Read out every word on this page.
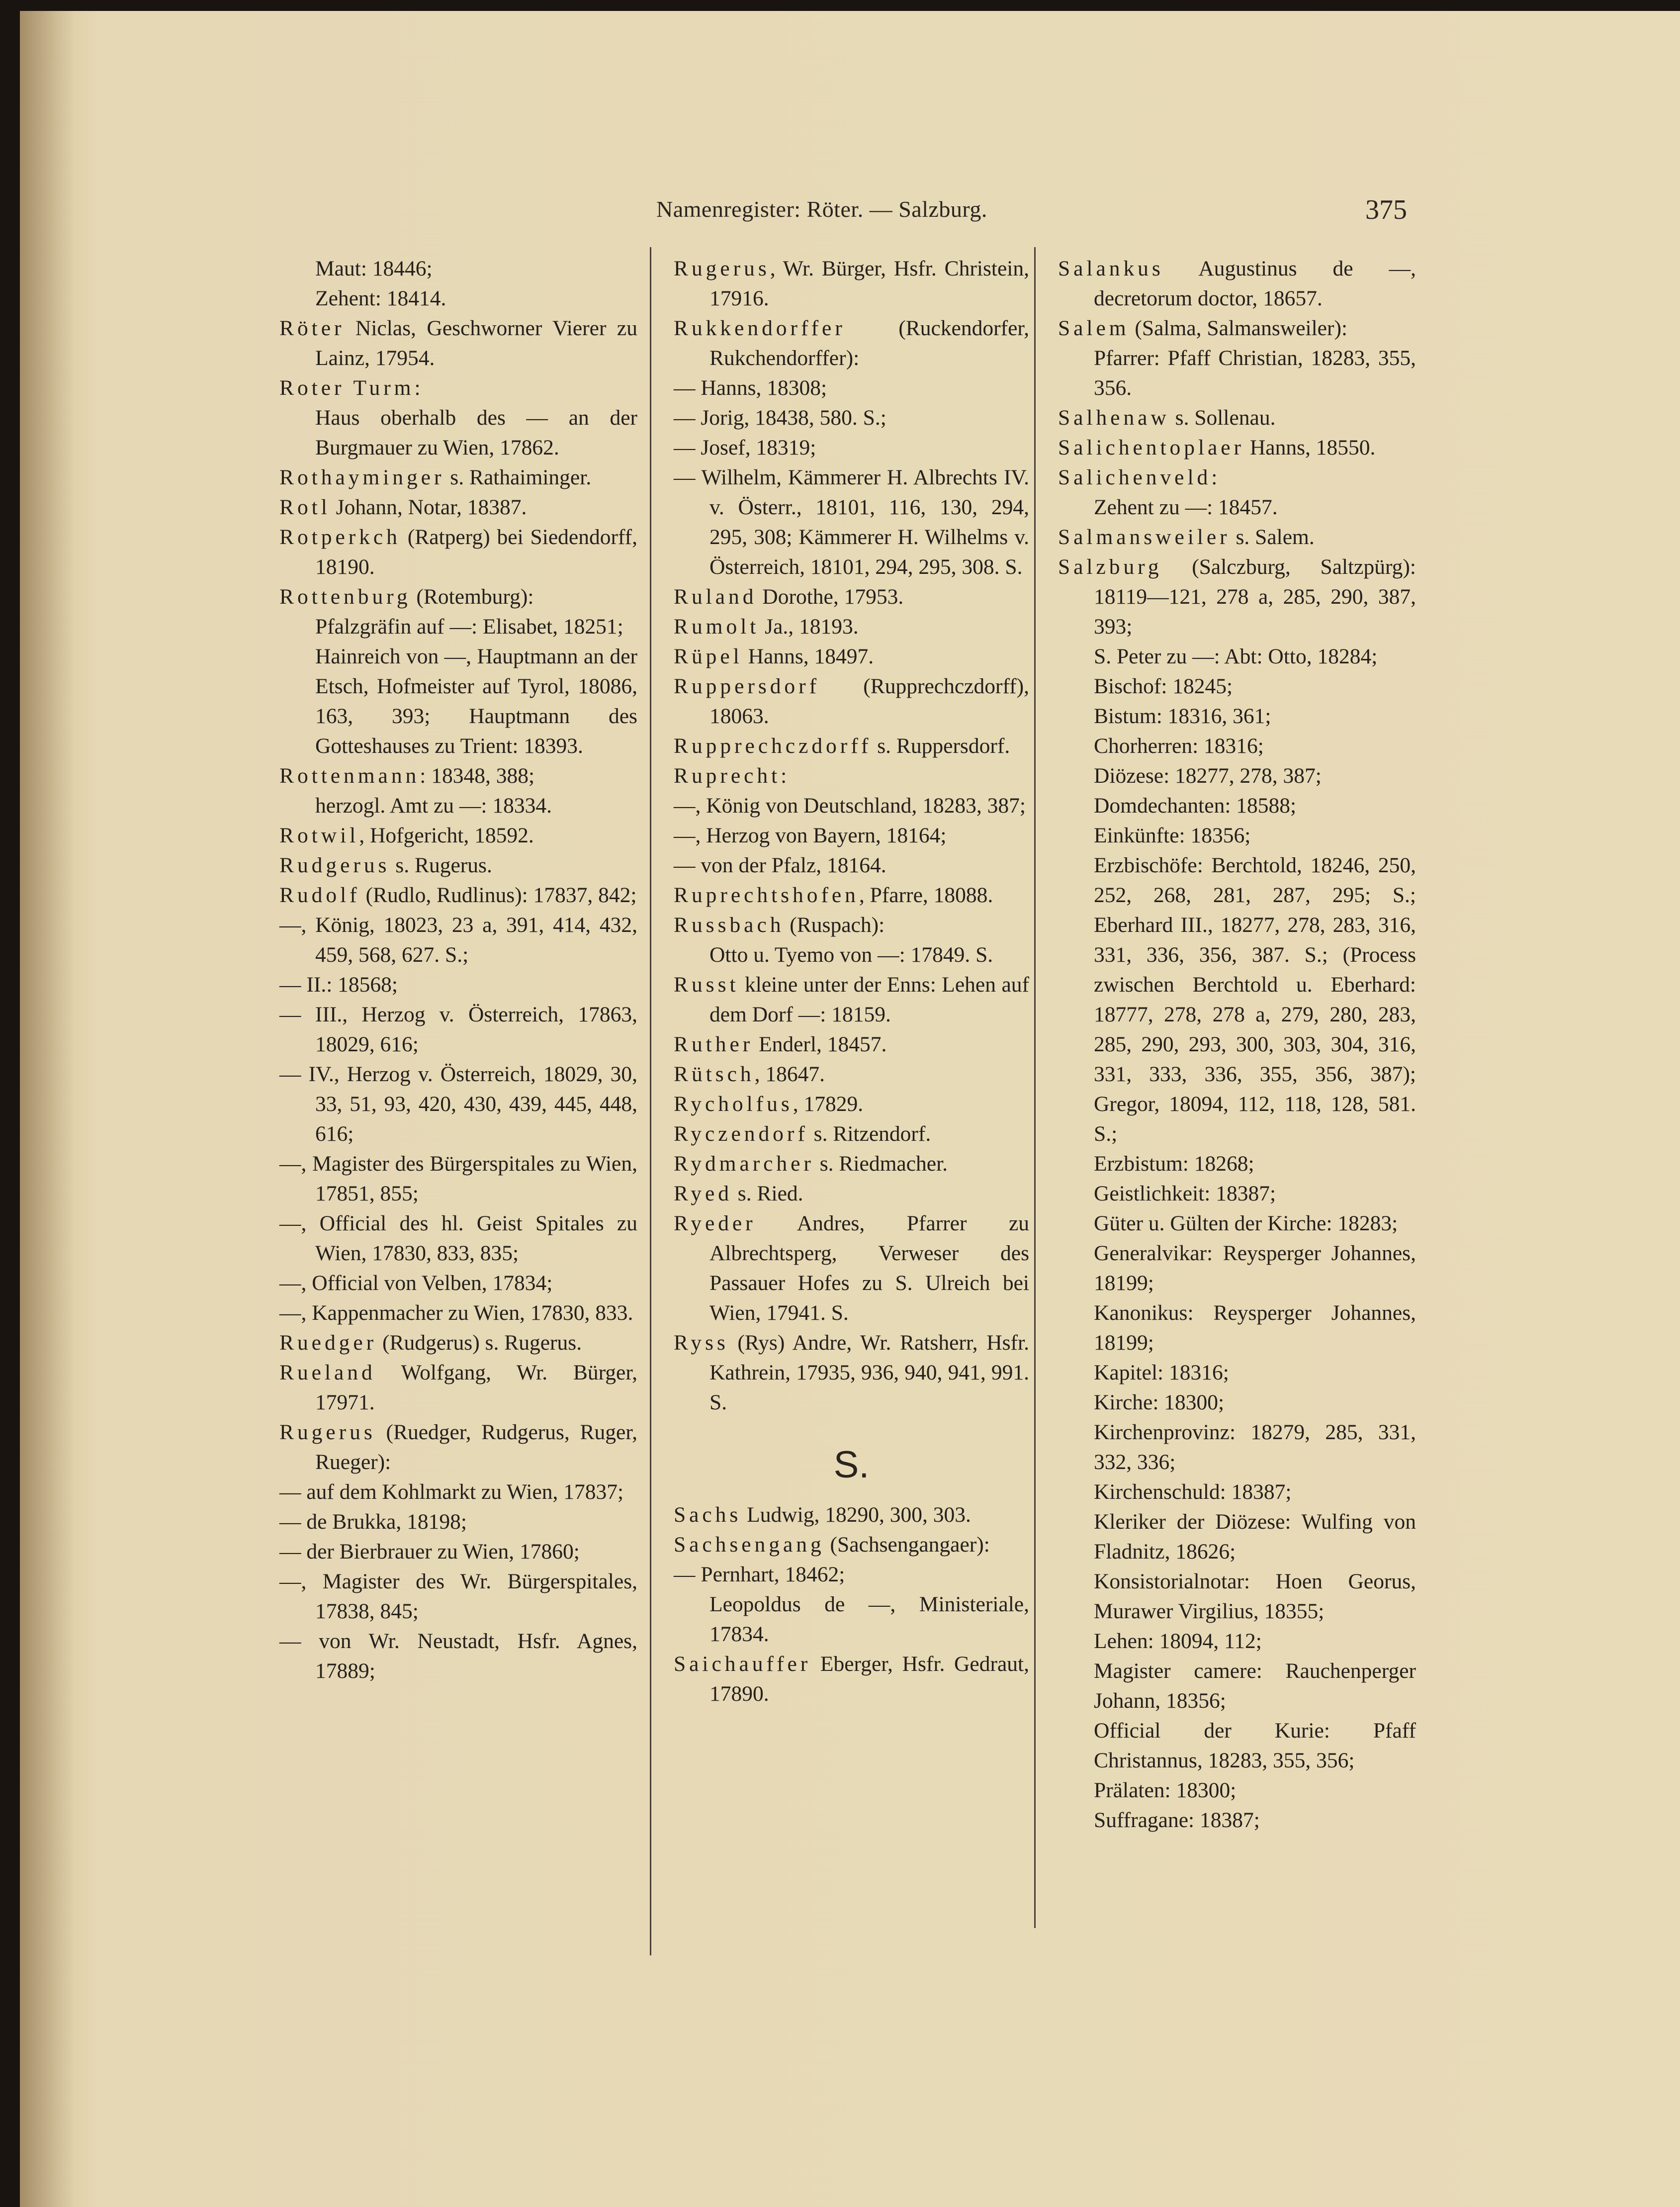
Namenregister: Röter. — Salzburg.	375
Maut: 18446;
Zehent: 18414.
Röter Niclas, Geschworner Vierer zu Lainz, 17954.
Roter Turm:
Haus oberhalb des — an der Burgmauer zu Wien, 17862.
Rothayminger s. Rathaiminger.
Rotl Johann, Notar, 18387.
Rotperkch (Ratperg) bei Siedendorff, 18190.
Rottenburg (Rotemburg):
Pfalzgräfin auf —: Elisabet, 18251;
Hainreich von —, Hauptmann an der Etsch, Hofmeister auf Tyrol, 18086, 163, 393; Hauptmann des Gotteshauses zu Trient: 18393.
Rottenmann: 18348, 388;
herzogl. Amt zu —: 18334.
Rotwil, Hofgericht, 18592.
Rudgerus s. Rugerus.
Rudolf (Rudlo, Rudlinus): 17837, 842;
—, König, 18023, 23 a, 391, 414, 432, 459, 568, 627. S.;
— II.: 18568;
— III., Herzog v. Österreich, 17863, 18029, 616;
— IV., Herzog v. Österreich, 18029, 30, 33, 51, 93, 420, 430, 439, 445, 448, 616;
—, Magister des Bürgerspitales zu Wien, 17851, 855;
—, Official des hl. Geist Spitales zu Wien, 17830, 833, 835;
—, Official von Velben, 17834;
—, Kappenmacher zu Wien, 17830, 833.
Ruedger (Rudgerus) s. Rugerus.
Rueland Wolfgang, Wr. Bürger, 17971.
Rugerus (Ruedger, Rudgerus, Ruger, Rueger):
— auf dem Kohlmarkt zu Wien, 17837;
— de Brukka, 18198;
— der Bierbrauer zu Wien, 17860;
—, Magister des Wr. Bürgerspitales, 17838, 845;
— von Wr. Neustadt, Hsfr. Agnes, 17889;
Rugerus, Wr. Bürger, Hsfr. Christein, 17916.
Rukkendorffer (Ruckendorfer, Rukchendorffer):
— Hanns, 18308;
— Jorig, 18438, 580. S.;
— Josef, 18319;
— Wilhelm, Kämmerer H. Albrechts IV. v. Österr., 18101, 116, 130, 294, 295, 308; Kämmerer H. Wilhelms v. Österreich, 18101, 294, 295, 308. S.
Ruland Dorothe, 17953.
Rumolt Ja., 18193.
Rüpel Hanns, 18497.
Ruppersdorf (Rupprechczdorff), 18063.
Rupprechczdorff s. Ruppersdorf.
Ruprecht:
—, König von Deutschland, 18283, 387;
—, Herzog von Bayern, 18164;
— von der Pfalz, 18164.
Ruprechtshofen, Pfarre, 18088.
Russbach (Ruspach):
Otto u. Tyemo von —: 17849. S.
Russt kleine unter der Enns: Lehen auf dem Dorf —: 18159.
Ruther Enderl, 18457.
Rütsch, 18647.
Rycholfus, 17829.
Ryczendorf s. Ritzendorf.
Rydmarcher s. Riedmacher.
Ryed s. Ried.
Ryeder Andres, Pfarrer zu Albrechtsperg, Verweser des Passauer Hofes zu S. Ulreich bei Wien, 17941. S.
Ryss (Rys) Andre, Wr. Ratsherr, Hsfr. Kathrein, 17935, 936, 940, 941, 991. S.
S.
Sachs Ludwig, 18290, 300, 303.
Sachsengang (Sachsengangaer):
— Pernhart, 18462;
Leopoldus de —, Ministeriale, 17834.
Saichauffer Eberger, Hsfr. Gedraut, 17890.
Salankus Augustinus de —, decretorum doctor, 18657.
Salem (Salma, Salmansweiler):
Pfarrer: Pfaff Christian, 18283, 355, 356.
Salhenaw s. Sollenau.
Salichentoplaer Hanns, 18550.
Salichenveld:
Zehent zu —: 18457.
Salmansweiler s. Salem.
Salzburg (Salczburg, Saltzpürg): 18119—121, 278 a, 285, 290, 387, 393;
S. Peter zu —: Abt: Otto, 18284;
Bischof: 18245;
Bistum: 18316, 361;
Chorherren: 18316;
Diözese: 18277, 278, 387;
Domdechanten: 18588;
Einkünfte: 18356;
Erzbischöfe: Berchtold, 18246, 250, 252, 268, 281, 287, 295; S.; Eberhard III., 18277, 278, 283, 316, 331, 336, 356, 387. S.; (Process zwischen Berchtold u. Eberhard: 18777, 278, 278 a, 279, 280, 283, 285, 290, 293, 300, 303, 304, 316, 331, 333, 336, 355, 356, 387); Gregor, 18094, 112, 118, 128, 581. S.;
Erzbistum: 18268;
Geistlichkeit: 18387;
Güter u. Gülten der Kirche: 18283;
Generalvikar: Reysperger Johannes, 18199;
Kanonikus: Reysperger Johannes, 18199;
Kapitel: 18316;
Kirche: 18300;
Kirchenprovinz: 18279, 285, 331, 332, 336;
Kirchenschuld: 18387;
Kleriker der Diözese: Wulfing von Fladnitz, 18626;
Konsistorialnotar: Hoen Georus, Murawer Virgilius, 18355;
Lehen: 18094, 112;
Magister camere: Rauchenperger Johann, 18356;
Official der Kurie: Pfaff Christannus, 18283, 355, 356;
Prälaten: 18300;
Suffragane: 18387;
